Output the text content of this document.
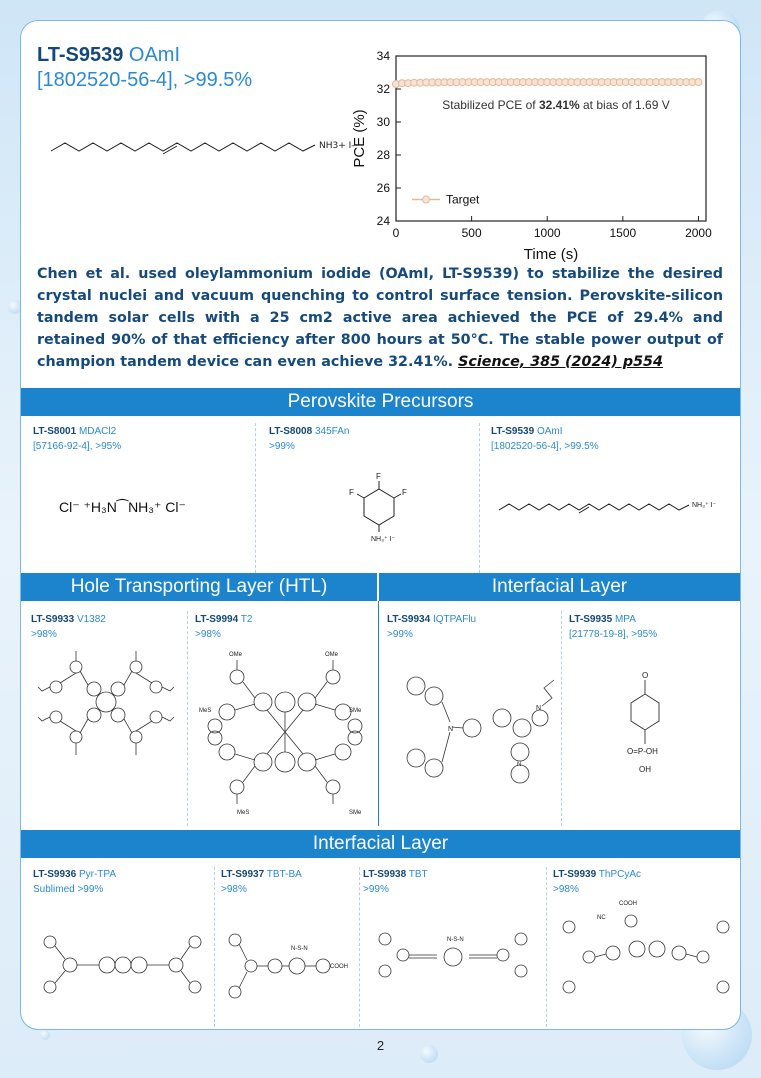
LT-S9539 OAmI
[1802520-56-4], >99.5%
NH3+ I-
0	500	1000	1500	2000
24
26
28
30
32
34
Time (s)
PCE (%)
Stabilized PCE of 32.41% at bias of 1.69 V
Target
Chen et al. used oleylammonium iodide (OAmI, LT-S9539) to stabilize the desired crystal nuclei and vacuum quenching to control surface tension. Perovskite-silicon tandem solar cells with a 25 cm2 active area achieved the PCE of 29.4% and retained 90% of that efficiency after 800 hours at 50°C. The stable power output of champion tandem device can even achieve 32.41%. Science, 385 (2024) p554
Perovskite Precursors
LT-S8001 MDACl2
[57166-92-4], >95%
Cl⁻ ⁺H₃N⁀NH₃⁺ Cl⁻
LT-S8008 345FAn
>99%
F
F
F
NH₃⁺ I⁻
LT-S9539 OAmI
[1802520-56-4], >99.5%
NH₃⁺ I⁻
Hole Transporting Layer (HTL)	Interfacial Layer
LT-S9933 V1382
>98%
LT-S9994 T2
>98%
OMe	OMe
MeS	SMe
MeS	SMe
LT-S9934 IQTPAFlu
>99%
N
N
N
LT-S9935 MPA
[21778-19-8], >95%
O
O=P-OH
OH
Interfacial Layer
LT-S9936 Pyr-TPA
Sublimed >99%
LT-S9937 TBT-BA
>98%
COOH
N-S-N
LT-S9938 TBT
>99%
N-S-N
LT-S9939 ThPCyAc
>98%
COOH
NC
2
